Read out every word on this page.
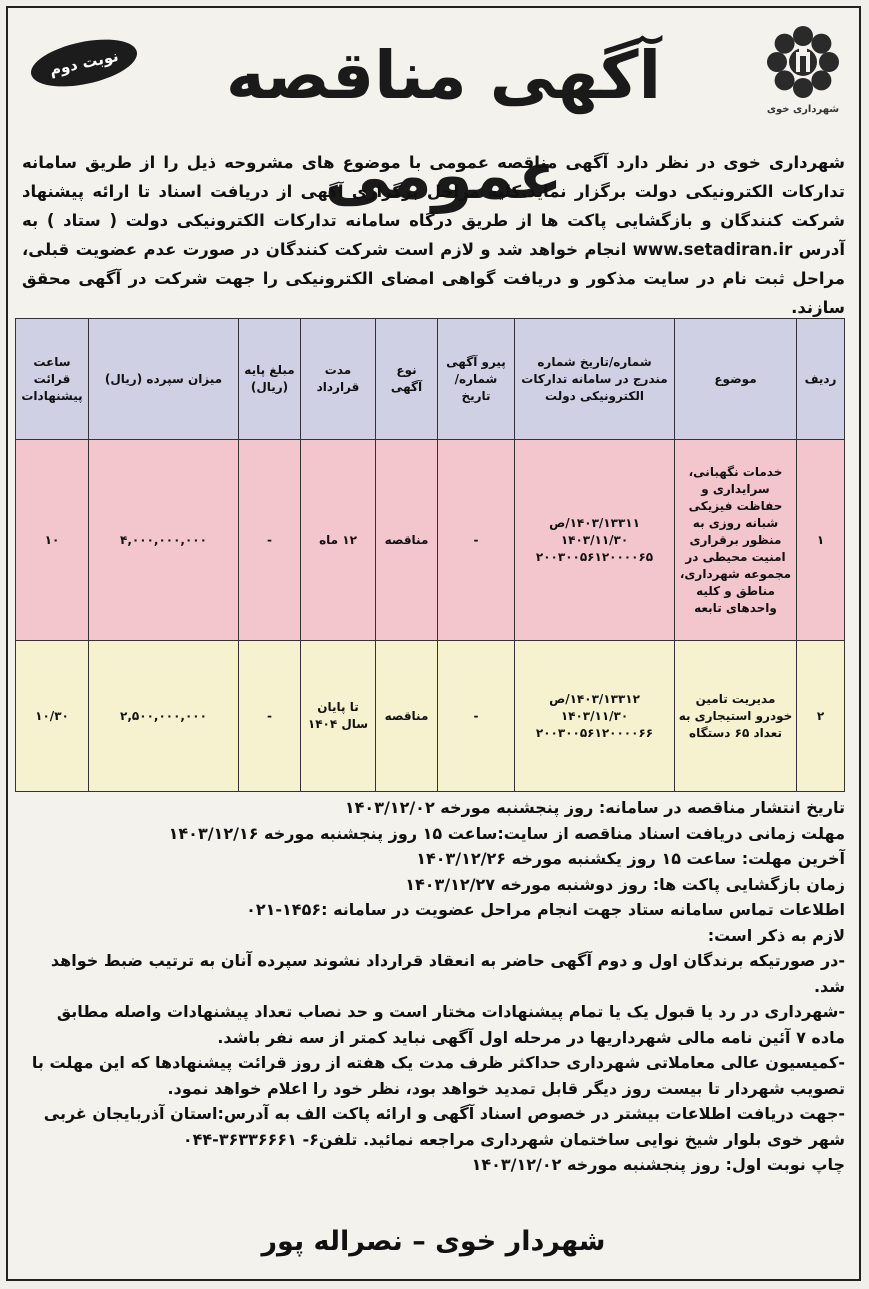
شهرداری خوی
آگهی مناقصه عمومی
نوبت دوم
شهرداری خوی در نظر دارد آگهی مناقصه عمومی با موضوع های مشروحه ذیل را از طریق سامانه تدارکات الکترونیکی دولت برگزار نماید.کلیه مراحل برگزاری آگهی از دریافت اسناد تا ارائه پیشنهاد شرکت کنندگان و بازگشایی پاکت ها از طریق درگاه سامانه تدارکات الکترونیکی دولت ( ستاد ) به آدرس www.setadiran.ir انجام خواهد شد و لازم است شرکت کنندگان در صورت عدم عضویت قبلی، مراحل ثبت نام در سایت مذکور و دریافت گواهی امضای الکترونیکی را جهت شرکت در آگهی محقق سازند.
ردیف	موضوع	شماره/تاریخ شماره مندرج در سامانه تدارکات الکترونیکی دولت	پیرو آگهی شماره/تاریخ	نوع آگهی	مدت قرارداد	مبلغ پایه (ریال)	میزان سپرده (ریال)	ساعت قرائت پیشنهادات
۱	خدمات نگهبانی، سرایداری و حفاظت فیزیکی شبانه روزی به منظور برقراری امنیت محیطی در مجموعه شهرداری، مناطق و کلیه واحدهای تابعه	۱۴۰۳/۱۳۳۱۱/ص
۱۴۰۳/۱۱/۳۰
۲۰۰۳۰۰۵۶۱۲۰۰۰۰۶۵	-	مناقصه	۱۲ ماه	-	۴,۰۰۰,۰۰۰,۰۰۰	۱۰
۲	مدیریت تامین خودرو استیجاری به تعداد ۶۵ دستگاه	۱۴۰۳/۱۳۳۱۲/ص
۱۴۰۳/۱۱/۳۰
۲۰۰۳۰۰۵۶۱۲۰۰۰۰۶۶	-	مناقصه	تا پایان سال ۱۴۰۴	-	۲,۵۰۰,۰۰۰,۰۰۰	۱۰/۳۰

تاریخ انتشار مناقصه در سامانه: روز پنجشنبه مورخه ۱۴۰۳/۱۲/۰۲

مهلت زمانی دریافت اسناد مناقصه از سایت:ساعت ۱۵ روز پنجشنبه مورخه ۱۴۰۳/۱۲/۱۶

آخرین مهلت: ساعت ۱۵ روز یکشنبه مورخه ۱۴۰۳/۱۲/۲۶

زمان بازگشایی پاکت ها: روز دوشنبه مورخه ۱۴۰۳/۱۲/۲۷

اطلاعات تماس سامانه ستاد جهت انجام مراحل عضویت در سامانه :۱۴۵۶-۰۲۱

لازم به ذکر است:

-در صورتیکه برندگان اول و دوم آگهی حاضر به انعقاد قرارداد نشوند سپرده آنان به ترتیب ضبط خواهد شد.

-شهرداری در رد یا قبول یک یا تمام پیشنهادات مختار است و حد نصاب تعداد پیشنهادات واصله مطابق ماده ۷ آئین نامه مالی شهرداریها در مرحله اول آگهی نباید کمتر از سه نفر باشد.

-کمیسیون عالی معاملاتی شهرداری حداکثر ظرف مدت یک هفته از روز قرائت پیشنهادها که این مهلت با تصویب شهردار تا بیست روز دیگر قابل تمدید خواهد بود، نظر خود را اعلام خواهد نمود.

-جهت دریافت اطلاعات بیشتر در خصوص اسناد آگهی و ارائه پاکت الف به آدرس:استان آذربایجان غربی شهر خوی بلوار شیخ نوایی ساختمان شهرداری مراجعه نمائید. تلفن۶- ۳۶۳۳۶۶۶۱-۰۴۴

چاپ نوبت اول: روز پنجشنبه مورخه ۱۴۰۳/۱۲/۰۲

شهردار خوی – نصراله پور
